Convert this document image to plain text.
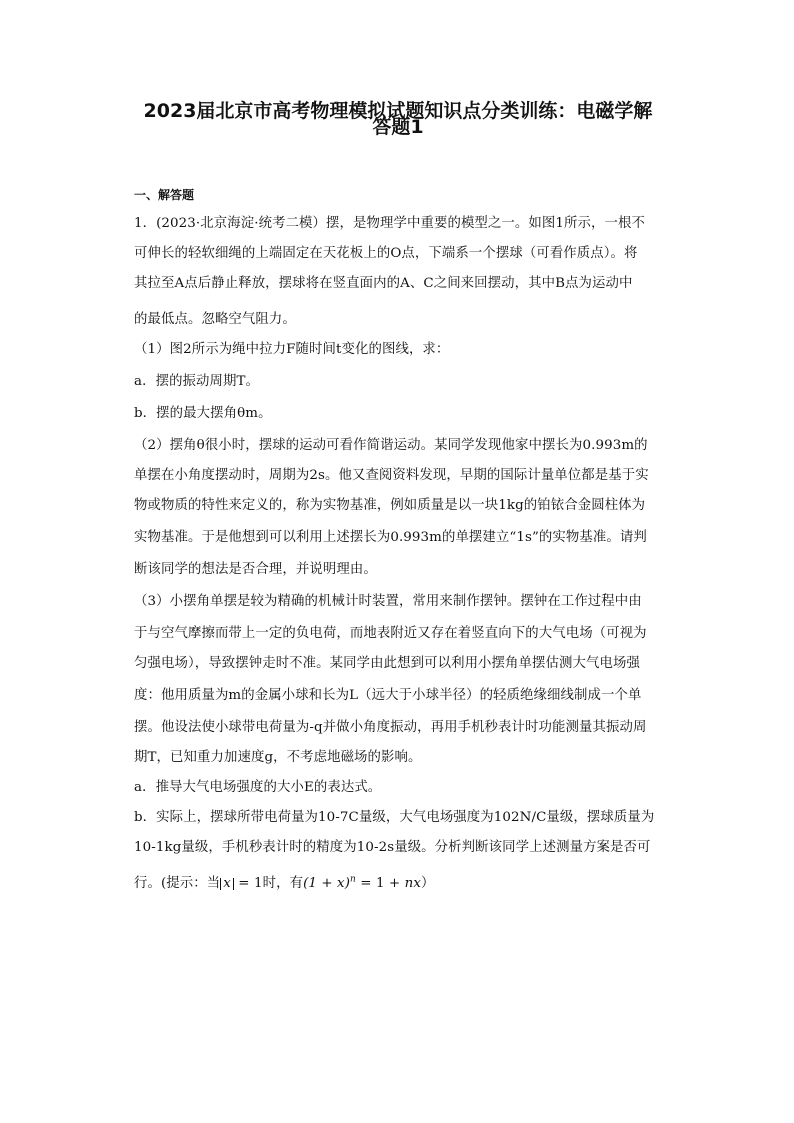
2023届北京市高考物理模拟试题知识点分类训练：电磁学解
答题1
一、解答题
1．(2023·北京海淀·统考二模）摆，是物理学中重要的模型之一。如图1所示，一根不
可伸长的轻软细绳的上端固定在天花板上的O点，下端系一个摆球（可看作质点）。将
其拉至A点后静止释放，摆球将在竖直面内的A、C之间来回摆动，其中B点为运动中
的最低点。忽略空气阻力。
（1）图2所示为绳中拉力F随时间t变化的图线，求：
a．摆的振动周期T。
b．摆的最大摆角θm。
（2）摆角θ很小时，摆球的运动可看作简谐运动。某同学发现他家中摆长为0.993m的
单摆在小角度摆动时，周期为2s。他又查阅资料发现，早期的国际计量单位都是基于实
物或物质的特性来定义的，称为实物基准，例如质量是以一块1kg的铂铱合金圆柱体为
实物基准。于是他想到可以利用上述摆长为0.993m的单摆建立“1s”的实物基准。请判
断该同学的想法是否合理，并说明理由。
（3）小摆角单摆是较为精确的机械计时装置，常用来制作摆钟。摆钟在工作过程中由
于与空气摩擦而带上一定的负电荷，而地表附近又存在着竖直向下的大气电场（可视为
匀强电场），导致摆钟走时不准。某同学由此想到可以利用小摆角单摆估测大气电场强
度：他用质量为m的金属小球和长为L（远大于小球半径）的轻质绝缘细线制成一个单
摆。他设法使小球带电荷量为-q并做小角度振动，再用手机秒表计时功能测量其振动周
期T，已知重力加速度g，不考虑地磁场的影响。
a．推导大气电场强度的大小E的表达式。
b．实际上，摆球所带电荷量为10-7C量级，大气电场强度为102N/C量级，摆球质量为
10-1kg量级，手机秒表计时的精度为10-2s量级。分析判断该同学上述测量方案是否可
行。(提示：当 x = 1时，有$(1 + x)^n = 1 + nx$）
